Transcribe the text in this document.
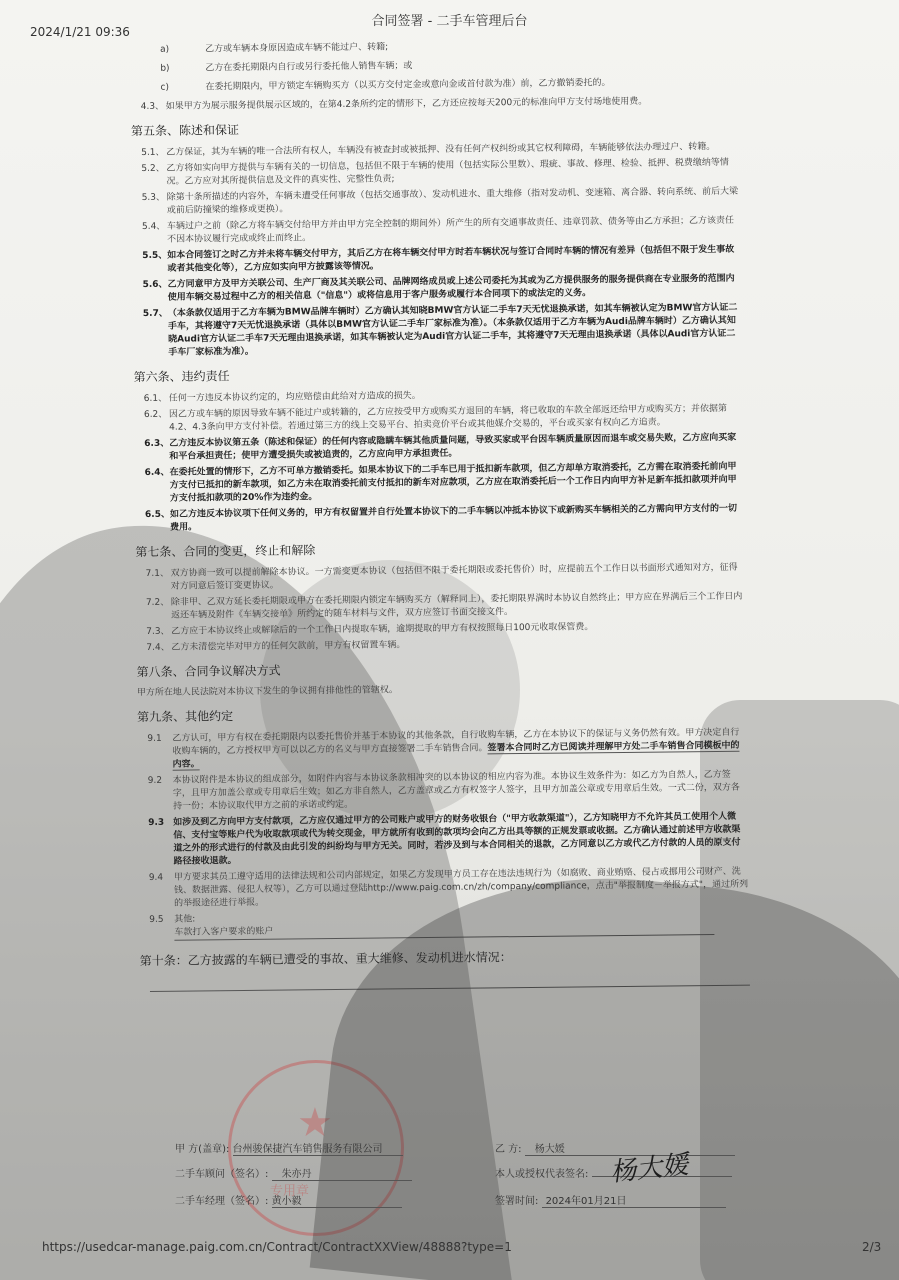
2024/1/21 09:36
合同签署 - 二手车管理后台
a)	乙方或车辆本身原因造成车辆不能过户、转籍;
b)	乙方在委托期限内自行或另行委托他人销售车辆；或
c)	在委托期限内，甲方锁定车辆购买方（以买方交付定金或意向金或首付款为准）前，乙方撤销委托的。
4.3、 如果甲方为展示服务提供展示区域的，在第4.2条所约定的情形下，乙方还应按每天200元的标准向甲方支付场地使用费。
第五条、陈述和保证
5.1、 乙方保证，其为车辆的唯一合法所有权人，车辆没有被查封或被抵押、没有任何产权纠纷或其它权利障碍，车辆能够依法办理过户、转籍。
5.2、 乙方将如实向甲方提供与车辆有关的一切信息，包括但不限于车辆的使用（包括实际公里数）、瑕疵、事故、修理、检验、抵押、税费缴纳等情况。乙方应对其所提供信息及文件的真实性、完整性负责;
5.3、 除第十条所描述的内容外，车辆未遭受任何事故（包括交通事故）、发动机进水、重大维修（指对发动机、变速箱、离合器、转向系统、前后大梁或前后防撞梁的维修或更换）。
5.4、 车辆过户之前（除乙方将车辆交付给甲方并由甲方完全控制的期间外）所产生的所有交通事故责任、违章罚款、债务等由乙方承担；乙方该责任不因本协议履行完成或终止而终止。
5.5、 如本合同签订之时乙方并未将车辆交付甲方，其后乙方在将车辆交付甲方时若车辆状况与签订合同时车辆的情况有差异（包括但不限于发生事故或者其他变化等），乙方应如实向甲方披露该等情况。
5.6、 乙方同意甲方及甲方关联公司、生产厂商及其关联公司、品牌网络成员或上述公司委托为其或为乙方提供服务的服务提供商在专业服务的范围内使用车辆交易过程中乙方的相关信息（"信息"）或将信息用于客户服务或履行本合同项下的或法定的义务。
5.7、 （本条款仅适用于乙方车辆为BMW品牌车辆时）乙方确认其知晓BMW官方认证二手车7天无忧退换承诺，如其车辆被认定为BMW官方认证二手车，其将遵守7天无忧退换承诺（具体以BMW官方认证二手车厂家标准为准）。（本条款仅适用于乙方车辆为Audi品牌车辆时）乙方确认其知晓Audi官方认证二手车7天无理由退换承诺，如其车辆被认定为Audi官方认证二手车，其将遵守7天无理由退换承诺（具体以Audi官方认证二手车厂家标准为准）。
第六条、违约责任
6.1、 任何一方违反本协议约定的，均应赔偿由此给对方造成的损失。
6.2、 因乙方或车辆的原因导致车辆不能过户或转籍的，乙方应按受甲方或购买方退回的车辆，将已收取的车款全部返还给甲方或购买方；并依据第4.2、4.3条向甲方支付补偿。若通过第三方的线上交易平台、拍卖竞价平台或其他媒介交易的，平台或买家有权向乙方追责。
6.3、 乙方违反本协议第五条（陈述和保证）的任何内容或隐瞒车辆其他质量问题，导致买家或平台因车辆质量原因而退车或交易失败，乙方应向买家和平台承担责任；使甲方遭受损失或被追责的，乙方应向甲方承担责任。
6.4、 在委托处置的情形下，乙方不可单方撤销委托。如果本协议下的二手车已用于抵扣新车款项，但乙方却单方取消委托，乙方需在取消委托前向甲方支付已抵扣的新车款项，如乙方未在取消委托前支付抵扣的新车对应款项，乙方应在取消委托后一个工作日内向甲方补足新车抵扣款项并向甲方支付抵扣款项的20%作为违约金。
6.5、 如乙方违反本协议项下任何义务的，甲方有权留置并自行处置本协议下的二手车辆以冲抵本协议下或新购买车辆相关的乙方需向甲方支付的一切费用。
第七条、合同的变更，终止和解除
7.1、 双方协商一致可以提前解除本协议。一方需变更本协议（包括但不限于委托期限或委托售价）时，应提前五个工作日以书面形式通知对方，征得对方同意后签订变更协议。
7.2、 除非甲、乙双方延长委托期限或甲方在委托期限内锁定车辆购买方（解释同上），委托期限界满时本协议自然终止；甲方应在界满后三个工作日内返还车辆及附件《车辆交接单》所约定的随车材料与文件，双方应签订书面交接文件。
7.3、 乙方应于本协议终止或解除后的一个工作日内提取车辆，逾期提取的甲方有权按照每日100元收取保管费。
7.4、 乙方未清偿完毕对甲方的任何欠款前，甲方有权留置车辆。
第八条、合同争议解决方式
甲方所在地人民法院对本协议下发生的争议拥有排他性的管辖权。
第九条、其他约定
9.1	乙方认可，甲方有权在委托期限内以委托售价并基于本协议的其他条款，自行收购车辆，乙方在本协议下的保证与义务仍然有效。甲方决定自行收购车辆的，乙方授权甲方可以以乙方的名义与甲方直接签署二手车销售合同。签署本合同时乙方已阅读并理解甲方处二手车销售合同模板中的内容。
9.2	本协议附件是本协议的组成部分，如附件内容与本协议条款相冲突的以本协议的相应内容为准。本协议生效条件为：如乙方为自然人，乙方签字，且甲方加盖公章或专用章后生效；如乙方非自然人，乙方盖章或乙方有权签字人签字，且甲方加盖公章或专用章后生效。一式二份，双方各持一份；本协议取代甲方之前的承诺或约定。
9.3 如涉及到乙方向甲方支付款项，乙方应仅通过甲方的公司账户或甲方的财务收银台（"甲方收款渠道"），乙方知晓甲方不允许其员工使用个人微信、支付宝等账户代为收取款项或代为转交现金，甲方就所有收到的款项均会向乙方出具等额的正规发票或收据。乙方确认通过前述甲方收款渠道之外的形式进行的付款及由此引发的纠纷均与甲方无关。同时，若涉及到与本合同相关的退款，乙方同意以乙方或代乙方付款的人员的原支付路径接收退款。
9.4	甲方要求其员工遵守适用的法律法规和公司内部规定，如果乙方发现甲方员工存在违法违规行为（如腐败、商业贿赂、侵占或挪用公司财产、洗钱、数据泄露、侵犯人权等），乙方可以通过登陆http://www.paig.com.cn/zh/company/compliance，点击"举报制度－举报方式"，通过所列的举报途径进行举报。
9.5	其他:
车款打入客户要求的账户
第十条：乙方披露的车辆已遭受的事故、重大维修、发动机进水情况：
★
专用章
甲 方(盖章): 台州骏保捷汽车销售服务有限公司
二手车顾问（签名）: 朱亦丹
二手车经理（签名）: 黄小毅
乙 方: 杨大媛
本人或授权代表签名:
签署时间: 2024年01月21日
杨大媛
https://usedcar-manage.paig.com.cn/Contract/ContractXXView/48888?type=1	2/3
